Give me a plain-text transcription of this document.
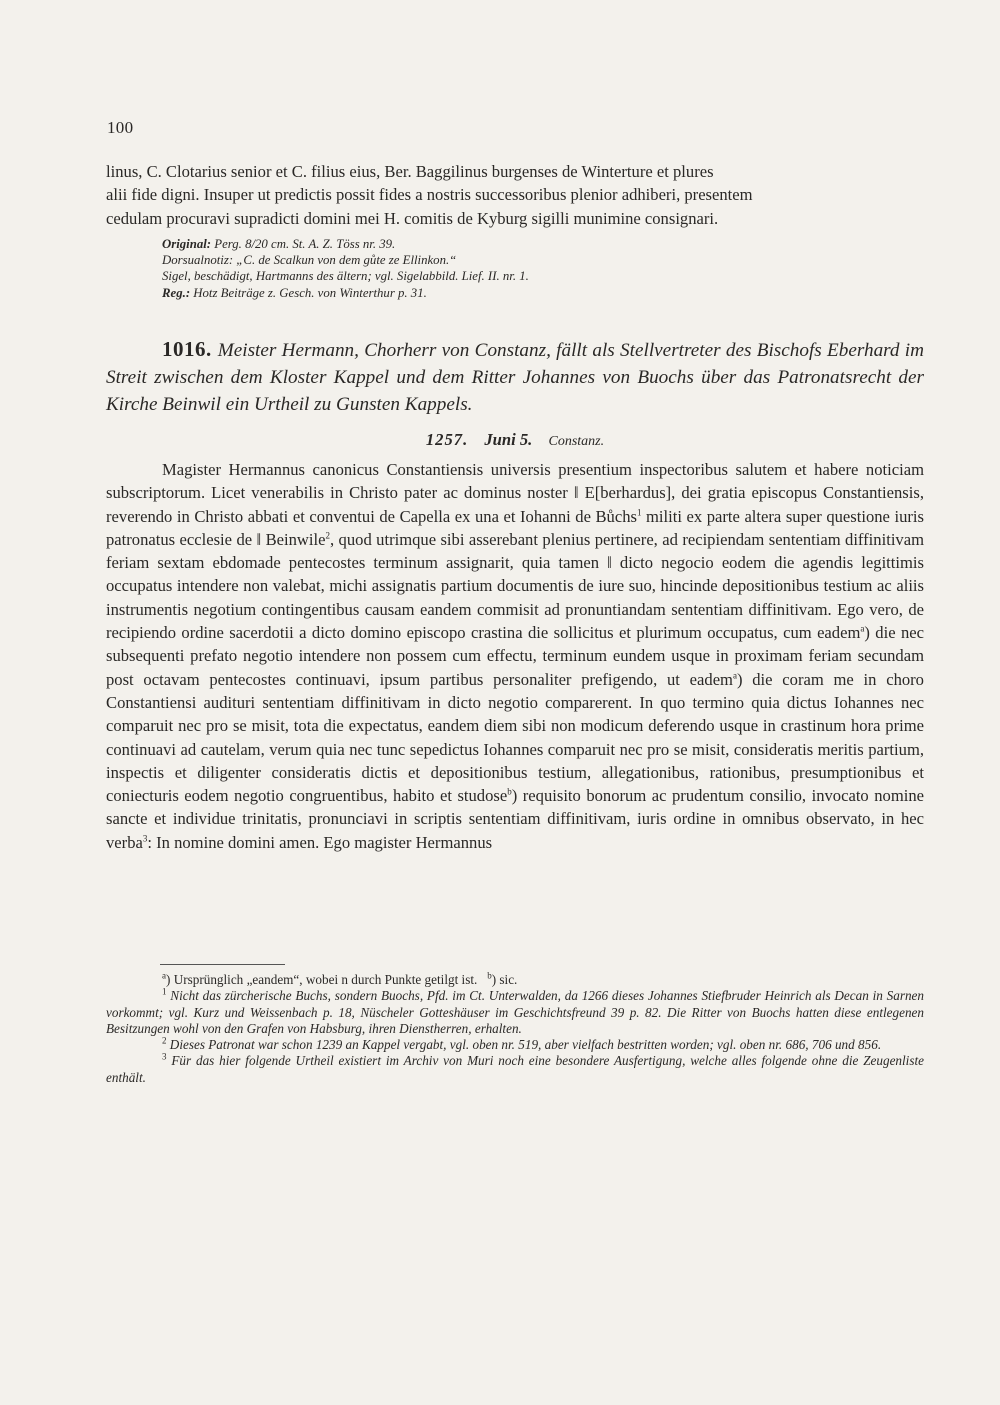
100

linus, C. Clotarius senior et C. filius eius, Ber. Baggilinus burgenses de Winterture et plures

alii fide digni. Insuper ut predictis possit fides a nostris successoribus plenior adhiberi, presentem

cedulam procuravi supradicti domini mei H. comitis de Kyburg sigilli munimine consignari.

Original: Perg. 8/20 cm. St. A. Z. Töss nr. 39.
Dorsualnotiz: „C. de Scalkun von dem gůte ze Ellinkon.“
Sigel, beschädigt, Hartmanns des ältern; vgl. Sigelabbild. Lief. II. nr. 1.
Reg.: Hotz Beiträge z. Gesch. von Winterthur p. 31.
1016. Meister Hermann, Chorherr von Constanz, fällt als Stellvertreter des Bischofs Eberhard im Streit zwischen dem Kloster Kappel und dem Ritter Johannes von Buochs über das Patronatsrecht der Kirche Beinwil ein Urtheil zu Gunsten Kappels.
1257. Juni 5. Constanz.

Magister Hermannus canonicus Constantiensis universis presentium inspectoribus salutem et habere noticiam subscriptorum. Licet venerabilis in Christo pater ac dominus noster ‖ E[berhardus], dei gratia episcopus Constantiensis, reverendo in Christo abbati et conventui de Capella ex una et Iohanni de Bůchs$^1$ militi ex parte altera super questione iuris patronatus ecclesie de ‖ Beinwile$^2$, quod utrimque sibi asserebant plenius pertinere, ad recipiendam sententiam diffinitivam feriam sextam ebdomade pentecostes terminum assignarit, quia tamen ‖ dicto negocio eodem die agendis legittimis occupatus intendere non valebat, michi assignatis partium documentis de iure suo, hincinde depositionibus testium ac aliis instrumentis negotium contingentibus causam eandem commisit ad pronuntiandam sententiam diffinitivam. Ego vero, de recipiendo ordine sacerdotii a dicto domino episcopo crastina die sollicitus et plurimum occupatus, cum eadem$^a$) die nec subsequenti prefato negotio intendere non possem cum effectu, terminum eundem usque in proximam feriam secundam post octavam pentecostes continuavi, ipsum partibus personaliter prefigendo, ut eadem$^a$) die coram me in choro Constantiensi audituri sententiam diffinitivam in dicto negotio comparerent. In quo termino quia dictus Iohannes nec comparuit nec pro se misit, tota die expectatus, eandem diem sibi non modicum deferendo usque in crastinum hora prime continuavi ad cautelam, verum quia nec tunc sepedictus Iohannes comparuit nec pro se misit, consideratis meritis partium, inspectis et diligenter consideratis dictis et depositionibus testium, allegationibus, rationibus, presumptionibus et coniecturis eodem negotio congruentibus, habito et studose$^b$) requisito bonorum ac prudentum consilio, invocato nomine sancte et individue trinitatis, pronunciavi in scriptis sententiam diffinitivam, iuris ordine in omnibus observato, in hec verba$^3$: In nomine domini amen. Ego magister Hermannus

$^a$) Ursprünglich „eandem“, wobei n durch Punkte getilgt ist. $^b$) sic.

$^1$ Nicht das zürcherische Buchs, sondern Buochs, Pfd. im Ct. Unterwalden, da 1266 dieses Johannes Stiefbruder Heinrich als Decan in Sarnen vorkommt; vgl. Kurz und Weissenbach p. 18, Nüscheler Gotteshäuser im Geschichtsfreund 39 p. 82. Die Ritter von Buochs hatten diese entlegenen Besitzungen wohl von den Grafen von Habsburg, ihren Dienstherren, erhalten.

$^2$ Dieses Patronat war schon 1239 an Kappel vergabt, vgl. oben nr. 519, aber vielfach bestritten worden; vgl. oben nr. 686, 706 und 856.

$^3$ Für das hier folgende Urtheil existiert im Archiv von Muri noch eine besondere Ausfertigung, welche alles folgende ohne die Zeugenliste enthält.
